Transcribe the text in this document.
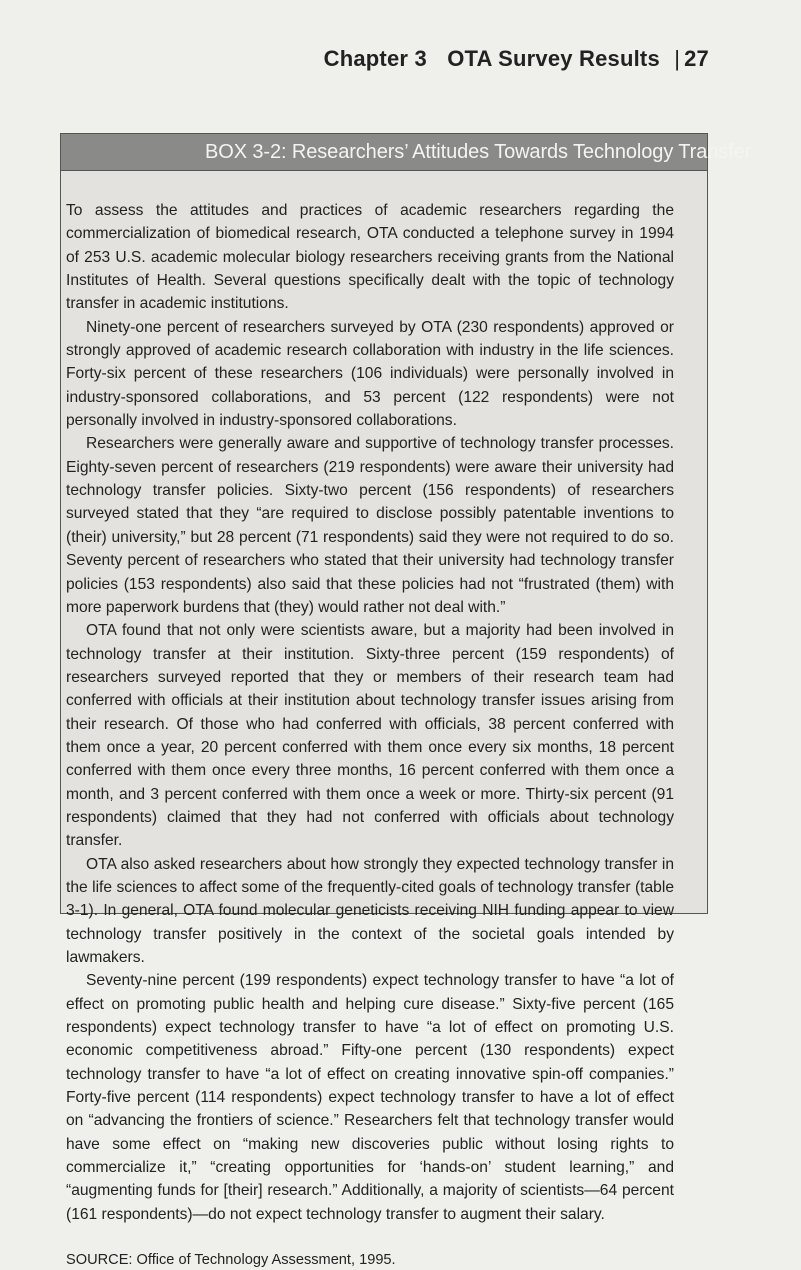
Chapter 3 OTA Survey Results | 27
BOX 3-2: Researchers’ Attitudes Towards Technology Transfer

To assess the attitudes and practices of academic researchers regarding the commercialization of biomedical research, OTA conducted a telephone survey in 1994 of 253 U.S. academic molecular biology researchers receiving grants from the National Institutes of Health. Several questions specifically dealt with the topic of technology transfer in academic institutions.

Ninety-one percent of researchers surveyed by OTA (230 respondents) approved or strongly approved of academic research collaboration with industry in the life sciences. Forty-six percent of these researchers (106 individuals) were personally involved in industry-sponsored collaborations, and 53 percent (122 respondents) were not personally involved in industry-sponsored collaborations.

Researchers were generally aware and supportive of technology transfer processes. Eighty-seven percent of researchers (219 respondents) were aware their university had technology transfer policies. Sixty-two percent (156 respondents) of researchers surveyed stated that they “are required to disclose possibly patentable inventions to (their) university,” but 28 percent (71 respondents) said they were not required to do so. Seventy percent of researchers who stated that their university had technology transfer policies (153 respondents) also said that these policies had not “frustrated (them) with more paperwork burdens that (they) would rather not deal with.”

OTA found that not only were scientists aware, but a majority had been involved in technology transfer at their institution. Sixty-three percent (159 respondents) of researchers surveyed reported that they or members of their research team had conferred with officials at their institution about technology transfer issues arising from their research. Of those who had conferred with officials, 38 percent conferred with them once a year, 20 percent conferred with them once every six months, 18 percent conferred with them once every three months, 16 percent conferred with them once a month, and 3 percent conferred with them once a week or more. Thirty-six percent (91 respondents) claimed that they had not conferred with officials about technology transfer.

OTA also asked researchers about how strongly they expected technology transfer in the life sciences to affect some of the frequently-cited goals of technology transfer (table 3-1). In general, OTA found molecular geneticists receiving NIH funding appear to view technology transfer positively in the context of the societal goals intended by lawmakers.

Seventy-nine percent (199 respondents) expect technology transfer to have “a lot of effect on promoting public health and helping cure disease.” Sixty-five percent (165 respondents) expect technology transfer to have “a lot of effect on promoting U.S. economic competitiveness abroad.” Fifty-one percent (130 respondents) expect technology transfer to have “a lot of effect on creating innovative spin-off companies.” Forty-five percent (114 respondents) expect technology transfer to have a lot of effect on “advancing the frontiers of science.” Researchers felt that technology transfer would have some effect on “making new discoveries public without losing rights to commercialize it,” “creating opportunities for ‘hands-on’ student learning,” and “augmenting funds for [their] research.” Additionally, a majority of scientists—64 percent (161 respondents)—do not expect technology transfer to augment their salary.

SOURCE: Office of Technology Assessment, 1995.
